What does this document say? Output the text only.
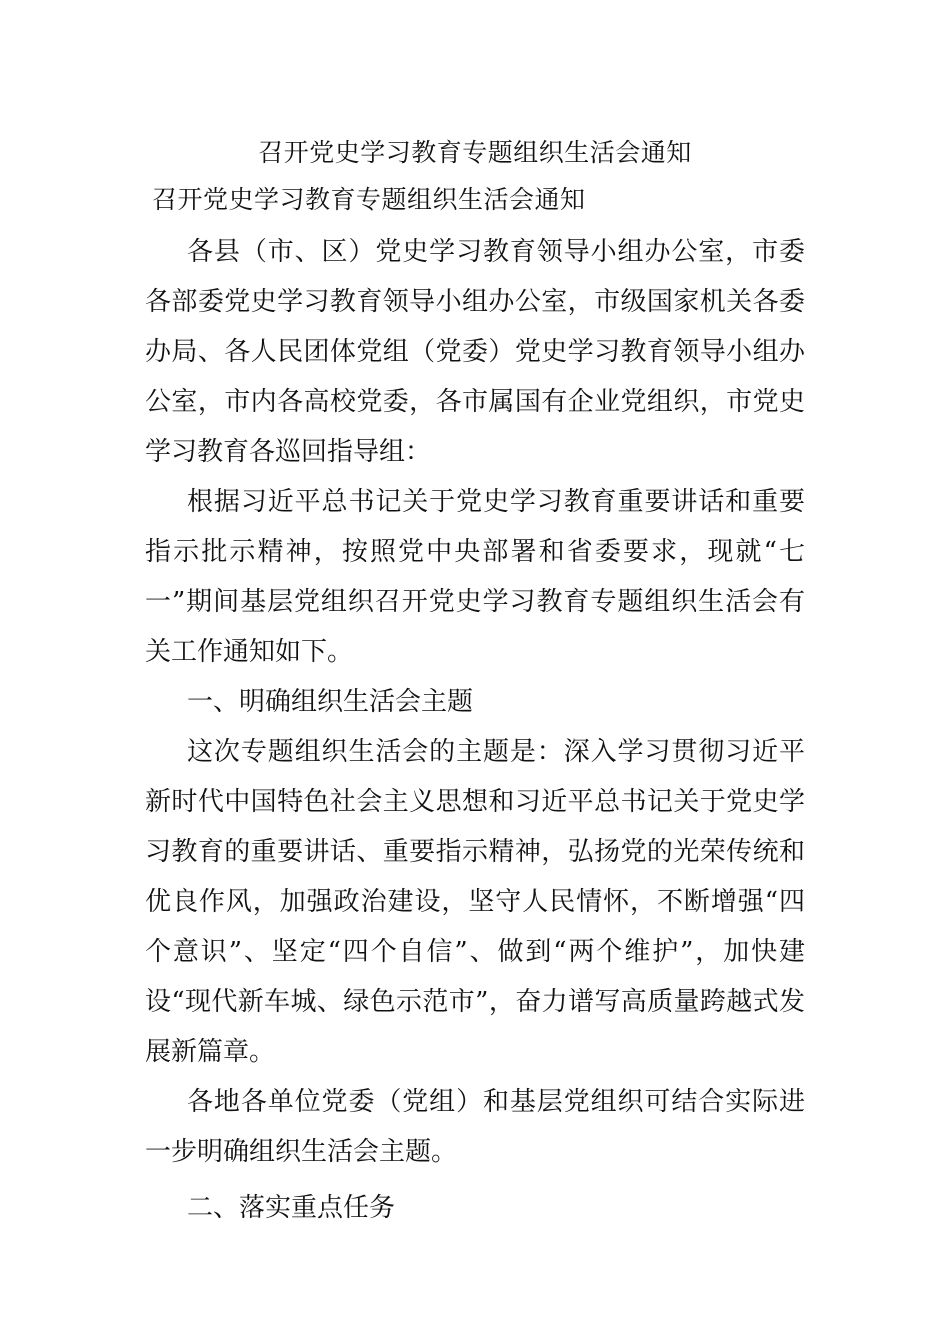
召开党史学习教育专题组织生活会通知
召开党史学习教育专题组织生活会通知

各县（市、区）党史学习教育领导小组办公室，市委各部委党史学习教育领导小组办公室，市级国家机关各委办局、各人民团体党组（党委）党史学习教育领导小组办公室，市内各高校党委，各市属国有企业党组织，市党史学习教育各巡回指导组：

根据习近平总书记关于党史学习教育重要讲话和重要指示批示精神，按照党中央部署和省委要求，现就“七一”期间基层党组织召开党史学习教育专题组织生活会有关工作通知如下。

一、明确组织生活会主题

这次专题组织生活会的主题是：深入学习贯彻习近平新时代中国特色社会主义思想和习近平总书记关于党史学习教育的重要讲话、重要指示精神，弘扬党的光荣传统和优良作风，加强政治建设，坚守人民情怀，不断增强“四个意识”、坚定“四个自信”、做到“两个维护”，加快建设“现代新车城、绿色示范市”，奋力谱写高质量跨越式发展新篇章。

各地各单位党委（党组）和基层党组织可结合实际进一步明确组织生活会主题。

二、落实重点任务
